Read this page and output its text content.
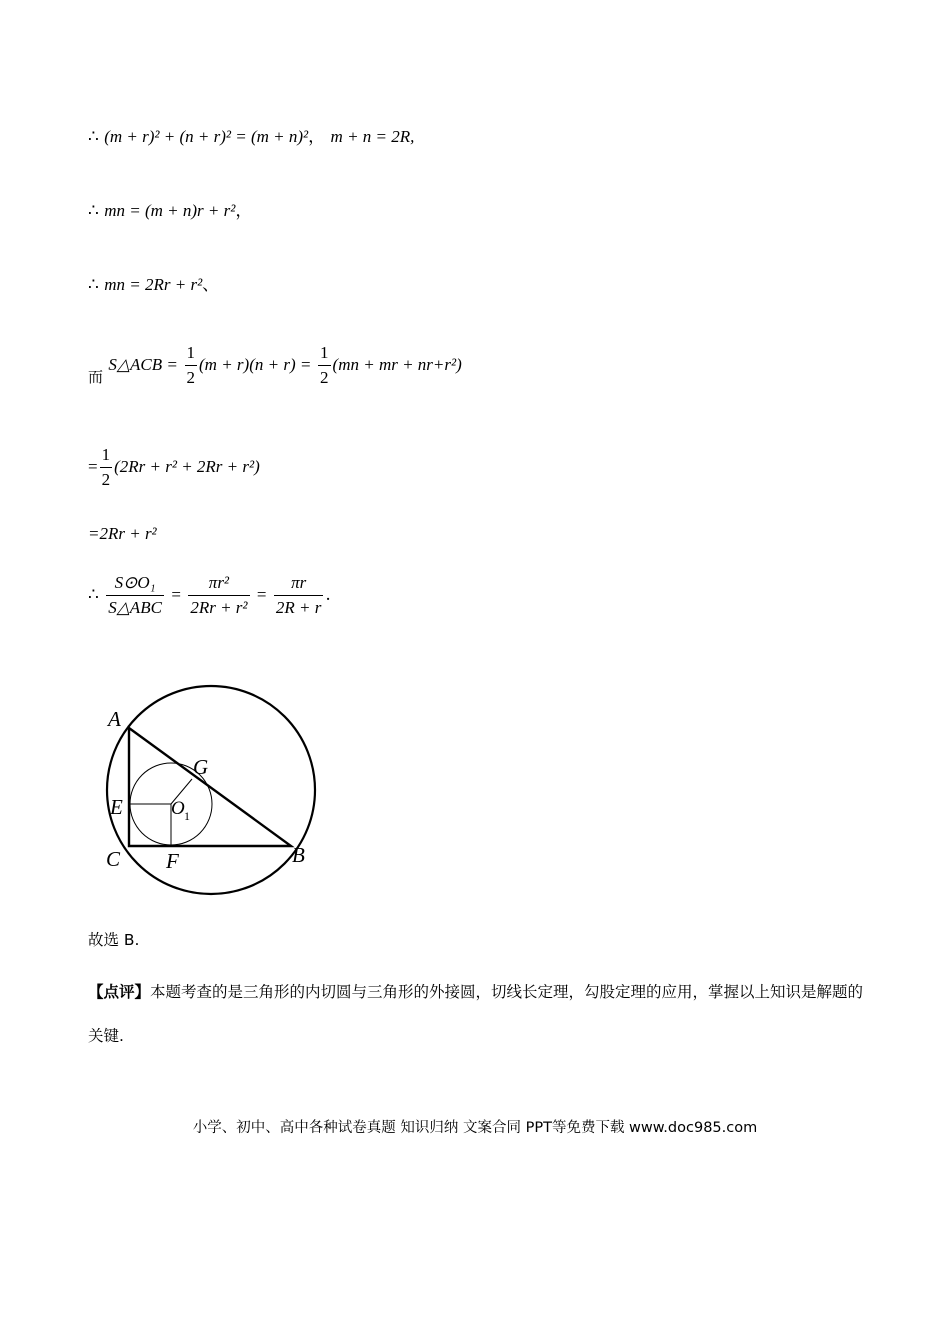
∴ (m + r)² + (n + r)² = (m + n)²， m + n = 2R,
∴ mn = (m + n)r + r²，
∴ mn = 2Rr + r²、
而 S△ACB = $\frac{1}{2} (m + r)(n + r) = \frac{1}{2} (mn$ + mr + nr+r²)
= $\frac{1}{2} (2Rr + r^2 + 2Rr + r^2)$
=2Rr + r²
∴ $\frac{\text{S⊙O₁}}{\text{S△ABC}} = \frac{\text{πr²}}{\text{2Rr + r²}} = \frac{\pi r}{2R + r}$ .
A
B
C
E
F
G
O 1
故选 B.
【点评】本题考查的是三角形的内切圆与三角形的外接圆，切线长定理，勾股定理的应用，掌握以上知识是解题的关键.
小学、初中、高中各种试卷真题 知识归纳 文案合同 PPT等免费下载 www.doc985.com
